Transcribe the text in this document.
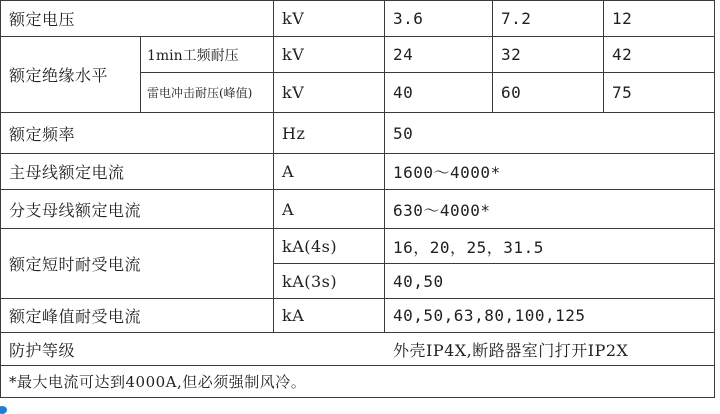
额定电压	kV	3.6	7.2	12
额定绝缘水平
1min工频耐压	kV	24	32	42
雷电冲击耐压(峰值)	kV	40	60	75
额定频率	Hz	50
主母线额定电流	A	1600～4000*
分支母线额定电流	A	630～4000*
额定短时耐受电流
kA(4s)	16，20，25，31.5
kA(3s)	40,50
额定峰值耐受电流	kA	40,50,63,80,100,125
防护等级	外壳IP4X,断路器室门打开IP2X
*最大电流可达到4000A,但必须强制风冷。
